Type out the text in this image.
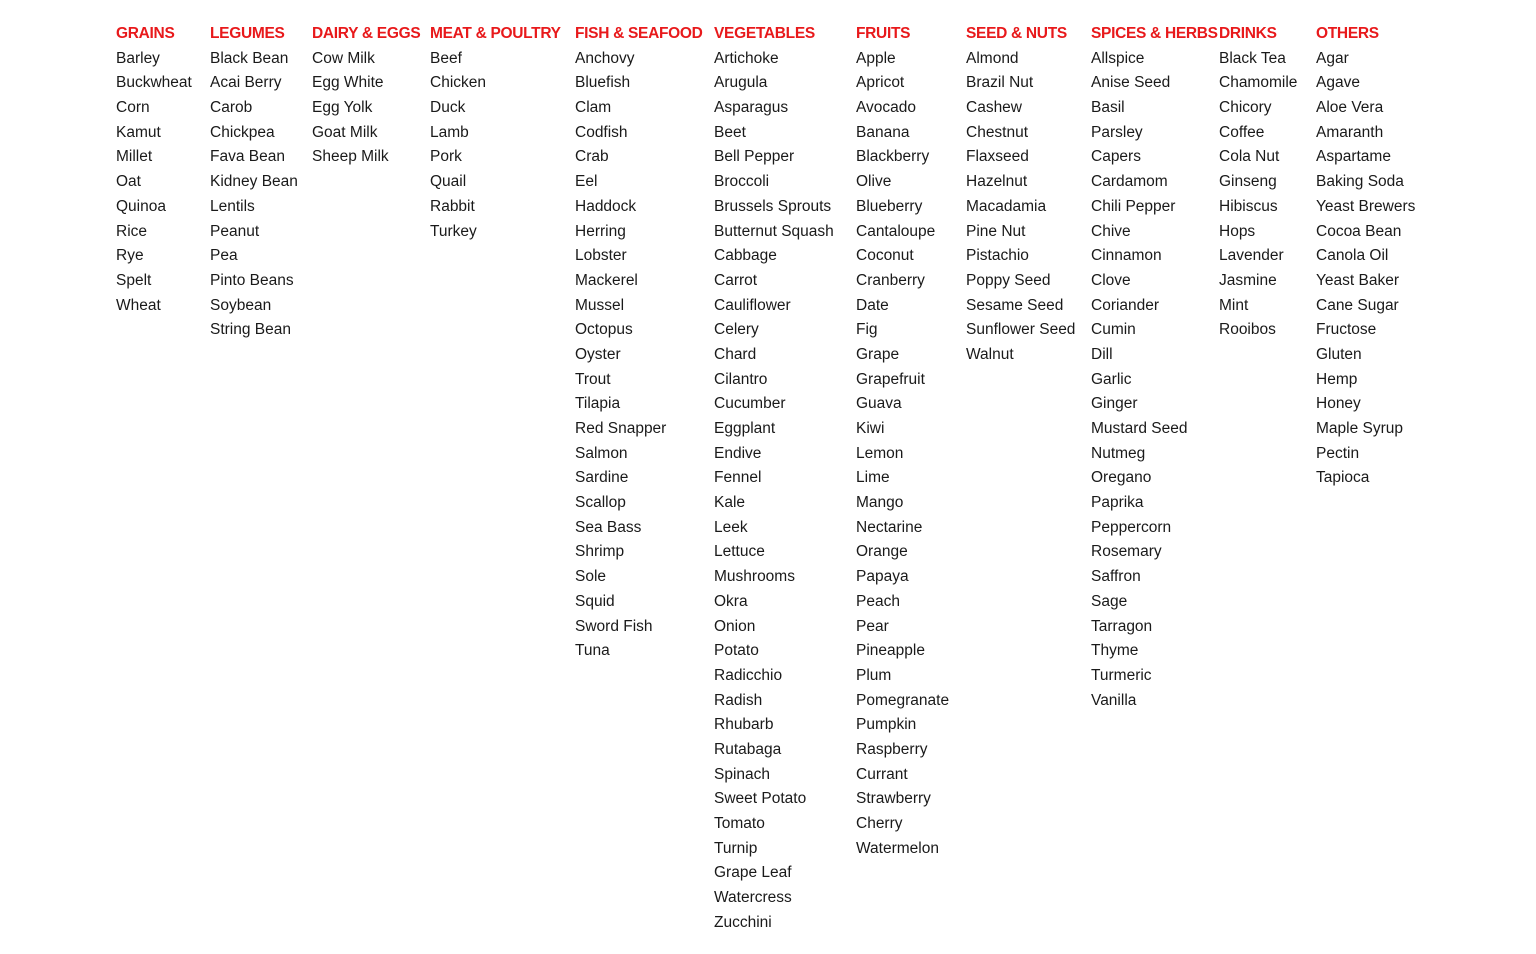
GRAINS
Barley
Buckwheat
Corn
Kamut
Millet
Oat
Quinoa
Rice
Rye
Spelt
Wheat
LEGUMES
Black Bean
Acai Berry
Carob
Chickpea
Fava Bean
Kidney Bean
Lentils
Peanut
Pea
Pinto Beans
Soybean
String Bean
DAIRY & EGGS
Cow Milk
Egg White
Egg Yolk
Goat Milk
Sheep Milk
MEAT & POULTRY
Beef
Chicken
Duck
Lamb
Pork
Quail
Rabbit
Turkey
FISH & SEAFOOD
Anchovy
Bluefish
Clam
Codfish
Crab
Eel
Haddock
Herring
Lobster
Mackerel
Mussel
Octopus
Oyster
Trout
Tilapia
Red Snapper
Salmon
Sardine
Scallop
Sea Bass
Shrimp
Sole
Squid
Sword Fish
Tuna
VEGETABLES
Artichoke
Arugula
Asparagus
Beet
Bell Pepper
Broccoli
Brussels Sprouts
Butternut Squash
Cabbage
Carrot
Cauliflower
Celery
Chard
Cilantro
Cucumber
Eggplant
Endive
Fennel
Kale
Leek
Lettuce
Mushrooms
Okra
Onion
Potato
Radicchio
Radish
Rhubarb
Rutabaga
Spinach
Sweet Potato
Tomato
Turnip
Grape Leaf
Watercress
Zucchini
FRUITS
Apple
Apricot
Avocado
Banana
Blackberry
Olive
Blueberry
Cantaloupe
Coconut
Cranberry
Date
Fig
Grape
Grapefruit
Guava
Kiwi
Lemon
Lime
Mango
Nectarine
Orange
Papaya
Peach
Pear
Pineapple
Plum
Pomegranate
Pumpkin
Raspberry
Currant
Strawberry
Cherry
Watermelon
SEED & NUTS
Almond
Brazil Nut
Cashew
Chestnut
Flaxseed
Hazelnut
Macadamia
Pine Nut
Pistachio
Poppy Seed
Sesame Seed
Sunflower Seed
Walnut
SPICES & HERBS
Allspice
Anise Seed
Basil
Parsley
Capers
Cardamom
Chili Pepper
Chive
Cinnamon
Clove
Coriander
Cumin
Dill
Garlic
Ginger
Mustard Seed
Nutmeg
Oregano
Paprika
Peppercorn
Rosemary
Saffron
Sage
Tarragon
Thyme
Turmeric
Vanilla
DRINKS
Black Tea
Chamomile
Chicory
Coffee
Cola Nut
Ginseng
Hibiscus
Hops
Lavender
Jasmine
Mint
Rooibos
OTHERS
Agar
Agave
Aloe Vera
Amaranth
Aspartame
Baking Soda
Yeast Brewers
Cocoa Bean
Canola Oil
Yeast Baker
Cane Sugar
Fructose
Gluten
Hemp
Honey
Maple Syrup
Pectin
Tapioca
